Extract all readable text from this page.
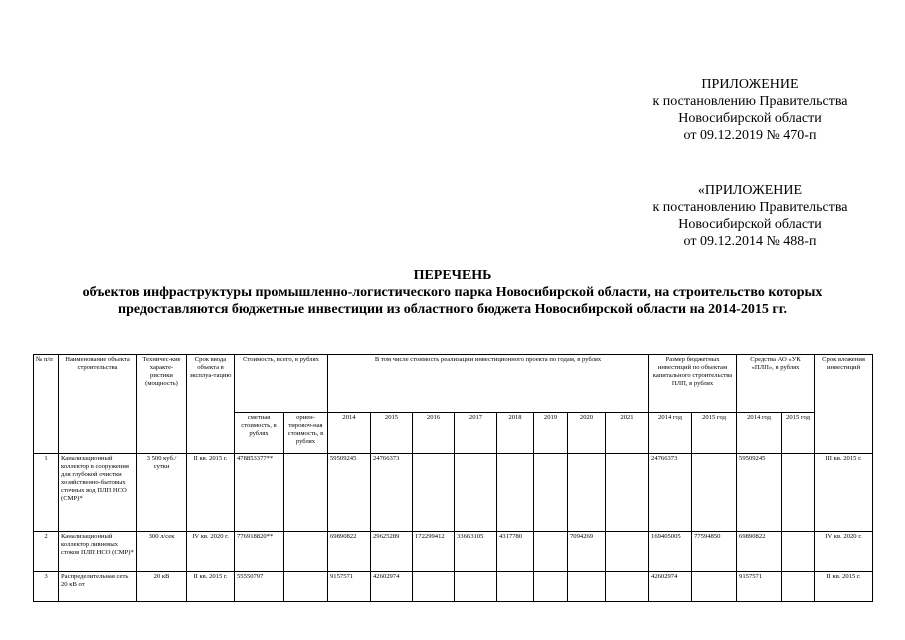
ПРИЛОЖЕНИЕ
к постановлению Правительства
Новосибирской области
от 09.12.2019 № 470-п
«ПРИЛОЖЕНИЕ
к постановлению Правительства
Новосибирской области
от 09.12.2014 № 488-п
ПЕРЕЧЕНЬ
объектов инфраструктуры промышленно-логистического парка Новосибирской области, на строительство которых
предоставляются бюджетные инвестиции из областного бюджета Новосибирской области на 2014-2015 гг.
№ п/п	Наименование объекта строительства	Техничес-кие характе-ристики (мощность)	Срок ввода объекта в эксплуа-тацию	Стоимость, всего, в рублях		В том числе стоимость реализации инвестиционного проекта по годам, в рублях								Размер бюджетных инвестиций по объектам капитального строительства ПЛП, в рублях		Средства АО «УК «ПЛП», в рублях		Срок вложения инвестиций
				сметная стоимость, в рублях	ориен-тировоч-ная стоимость, в рублях	2014	2015	2016	2017	2018	2019	2020	2021	2014 год	2015 год	2014 год	2015 год	
1	Канализационный коллектор в сооружения для глубокой очистки хозяйственно-бытовых сточных вод ПЛП НСО (СМР)*	3 500 куб./сутки	II кв. 2015 г.	478853377**		59509245	24766373							24766373		59509245		III кв. 2015 г.
2	Канализационный коллектор ливневых стоков ПЛП НСО (СМР)*	300 л/сек	IV кв. 2020 г.	776918820**		69890822	29625289	172299412	33663105	4317780		7094269		169405005	77594850	69890822		IV кв. 2020 г.
3	Распределительная сеть 20 кВ от	20 кВ	II кв. 2015 г.	55550797		9157571	42602974							42602974		9157571		II кв. 2015 г.
